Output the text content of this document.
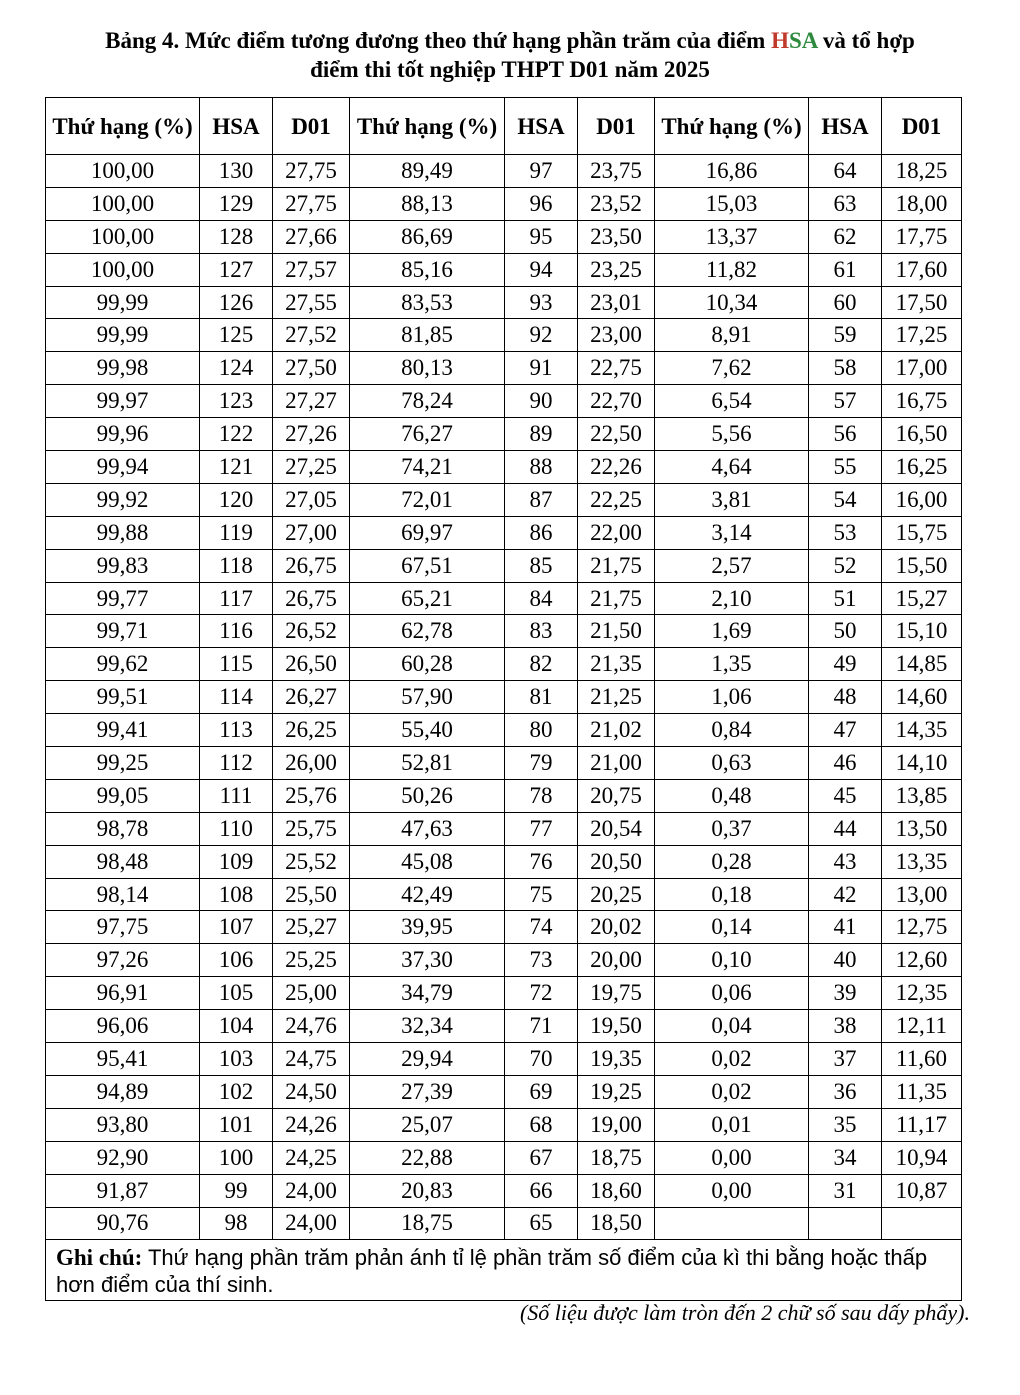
Bảng 4. Mức điểm tương đương theo thứ hạng phần trăm của điểm HSA và tổ hợp
điểm thi tốt nghiệp THPT D01 năm 2025
Thứ hạng (%)	HSA	D01	Thứ hạng (%)	HSA	D01	Thứ hạng (%)	HSA	D01
100,00	130	27,75	89,49	97	23,75	16,86	64	18,25
100,00	129	27,75	88,13	96	23,52	15,03	63	18,00
100,00	128	27,66	86,69	95	23,50	13,37	62	17,75
100,00	127	27,57	85,16	94	23,25	11,82	61	17,60
99,99	126	27,55	83,53	93	23,01	10,34	60	17,50
99,99	125	27,52	81,85	92	23,00	8,91	59	17,25
99,98	124	27,50	80,13	91	22,75	7,62	58	17,00
99,97	123	27,27	78,24	90	22,70	6,54	57	16,75
99,96	122	27,26	76,27	89	22,50	5,56	56	16,50
99,94	121	27,25	74,21	88	22,26	4,64	55	16,25
99,92	120	27,05	72,01	87	22,25	3,81	54	16,00
99,88	119	27,00	69,97	86	22,00	3,14	53	15,75
99,83	118	26,75	67,51	85	21,75	2,57	52	15,50
99,77	117	26,75	65,21	84	21,75	2,10	51	15,27
99,71	116	26,52	62,78	83	21,50	1,69	50	15,10
99,62	115	26,50	60,28	82	21,35	1,35	49	14,85
99,51	114	26,27	57,90	81	21,25	1,06	48	14,60
99,41	113	26,25	55,40	80	21,02	0,84	47	14,35
99,25	112	26,00	52,81	79	21,00	0,63	46	14,10
99,05	111	25,76	50,26	78	20,75	0,48	45	13,85
98,78	110	25,75	47,63	77	20,54	0,37	44	13,50
98,48	109	25,52	45,08	76	20,50	0,28	43	13,35
98,14	108	25,50	42,49	75	20,25	0,18	42	13,00
97,75	107	25,27	39,95	74	20,02	0,14	41	12,75
97,26	106	25,25	37,30	73	20,00	0,10	40	12,60
96,91	105	25,00	34,79	72	19,75	0,06	39	12,35
96,06	104	24,76	32,34	71	19,50	0,04	38	12,11
95,41	103	24,75	29,94	70	19,35	0,02	37	11,60
94,89	102	24,50	27,39	69	19,25	0,02	36	11,35
93,80	101	24,26	25,07	68	19,00	0,01	35	11,17
92,90	100	24,25	22,88	67	18,75	0,00	34	10,94
91,87	99	24,00	20,83	66	18,60	0,00	31	10,87
90,76	98	24,00	18,75	65	18,50			
Ghi chú: Thứ hạng phần trăm phản ánh tỉ lệ phần trăm số điểm của kì thi bằng hoặc thấp hơn điểm của thí sinh.								
(Số liệu được làm tròn đến 2 chữ số sau dấy phẩy).
